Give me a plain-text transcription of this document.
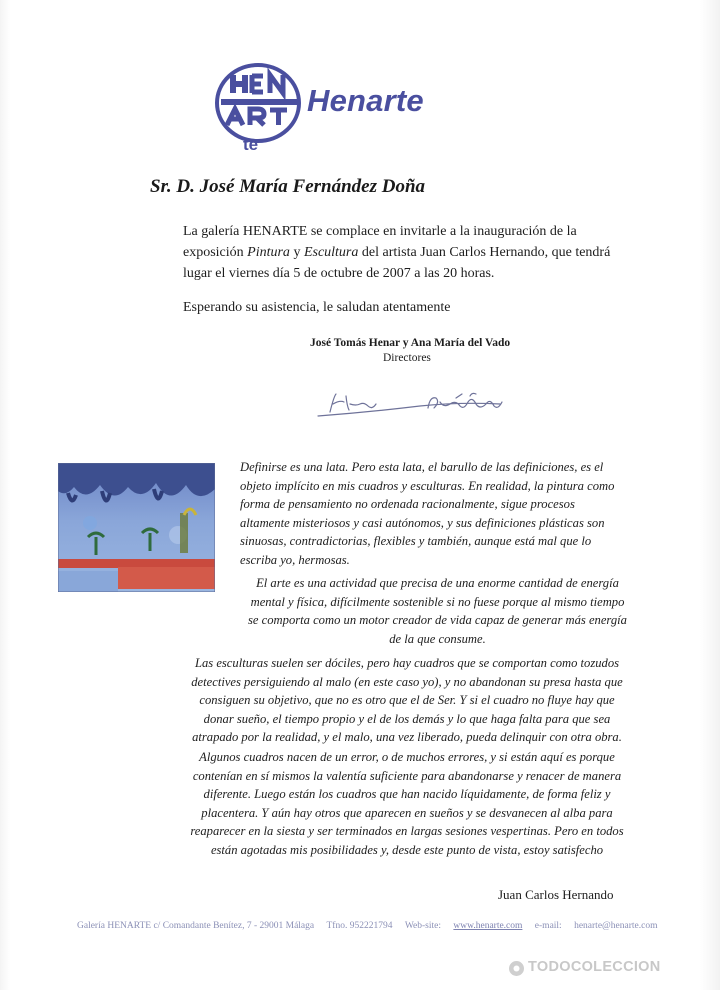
te
Henarte
Sr. D. José María Fernández Doña

La galería HENARTE se complace en invitarle a la inauguración de la

exposición Pintura y Escultura del artista Juan Carlos Hernando, que tendrá

lugar el viernes día 5 de octubre de 2007 a las 20 horas.

Esperando su asistencia, le saludan atentamente
José Tomás Henar y Ana María del Vado
Directores

Definirse es una lata. Pero esta lata, el barullo de las definiciones, es el

objeto implícito en mis cuadros y esculturas. En realidad, la pintura como

forma de pensamiento no ordenada racionalmente, sigue procesos

altamente misteriosos y casi autónomos, y sus definiciones plásticas son

sinuosas, contradictorias, flexibles y también, aunque está mal que lo

escriba yo, hermosas.

El arte es una actividad que precisa de una enorme cantidad de energía

mental y física, difícilmente sostenible si no fuese porque al mismo tiempo

se comporta como un motor creador de vida capaz de generar más energía

de la que consume.

Las esculturas suelen ser dóciles, pero hay cuadros que se comportan como tozudos

detectives persiguiendo al malo (en este caso yo), y no abandonan su presa hasta que

consiguen su objetivo, que no es otro que el de Ser. Y si el cuadro no fluye hay que

donar sueño, el tiempo propio y el de los demás y lo que haga falta para que sea

atrapado por la realidad, y el malo, una vez liberado, pueda delinquir con otra obra.

Algunos cuadros nacen de un error, o de muchos errores, y si están aquí es porque

contenían en sí mismos la valentía suficiente para abandonarse y renacer de manera

diferente. Luego están los cuadros que han nacido líquidamente, de forma feliz y

placentera. Y aún hay otros que aparecen en sueños y se desvanecen al alba para

reaparecer en la siesta y ser terminados en largas sesiones vespertinas. Pero en todos

están agotadas mis posibilidades y, desde este punto de vista, estoy satisfecho

Juan Carlos Hernando
Galería HENARTE c/ Comandante Benítez, 7 - 29001 Málaga Tfno. 952221794 Web-site: www.henarte.com e-mail: henarte@henarte.com
TODOCOLECCION
